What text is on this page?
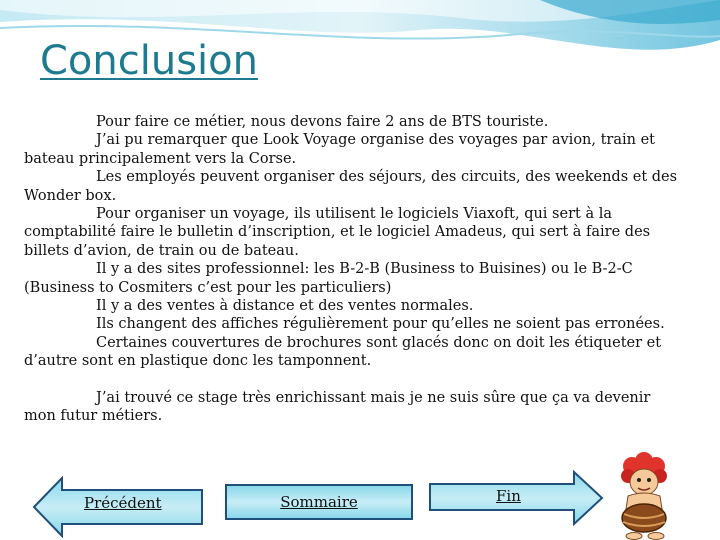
Conclusion

Pour faire ce métier, nous devons faire 2 ans de BTS touriste.

J’ai pu remarquer que Look Voyage organise des voyages par avion, train et bateau principalement vers la Corse.

Les employés peuvent organiser des séjours, des circuits, des weekends et des Wonder box.

Pour organiser un voyage, ils utilisent le logiciels Viaxoft, qui sert à la comptabilité faire le bulletin d’inscription, et le logiciel Amadeus, qui sert à faire des billets d’avion, de train ou de bateau.

Il y a des sites professionnel: les B-2-B (Business to Buisines) ou le B-2-C (Business to Cosmiters c’est pour les particuliers)

Il y a des ventes à distance et des ventes normales.

Ils changent des affiches régulièrement pour qu’elles ne soient pas erronées.

Certaines couvertures de brochures sont glacés donc on doit les étiqueter et d’autre sont en plastique donc les tamponnent.

J’ai trouvé ce stage très enrichissant mais je ne suis sûre que ça va devenir mon futur métiers.

Précédent	Sommaire	Fin
